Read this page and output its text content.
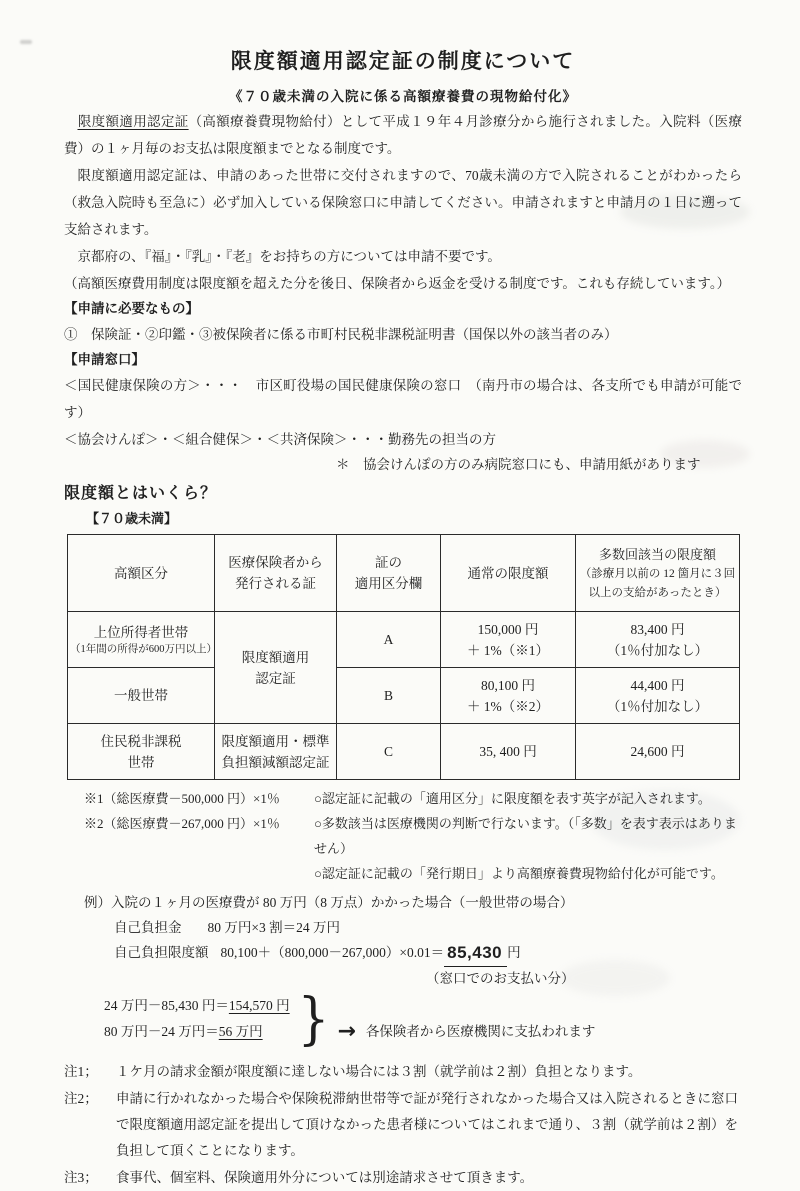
限度額適用認定証の制度について
《７０歳未満の入院に係る高額療養費の現物給付化》

限度額適用認定証（高額療養費現物給付）として平成１９年４月診療分から施行されました。入院料（医療費）の１ヶ月毎のお支払は限度額までとなる制度です。

限度額適用認定証は、申請のあった世帯に交付されますので、70歳未満の方で入院されることがわかったら（救急入院時も至急に）必ず加入している保険窓口に申請してください。申請されますと申請月の１日に遡って支給されます。

京都府の、『福』・『乳』・『老』をお持ちの方については申請不要です。

（高額医療費用制度は限度額を超えた分を後日、保険者から返金を受ける制度です。これも存続しています。）

【申請に必要なもの】

①　保険証・②印鑑・③被保険者に係る市町村民税非課税証明書（国保以外の該当者のみ）

【申請窓口】

＜国民健康保険の方＞・・・　市区町役場の国民健康保険の窓口　（南丹市の場合は、各支所でも申請が可能です）

＜協会けんぽ＞・＜組合健保＞・＜共済保険＞・・・勤務先の担当の方

＊　協会けんぽの方のみ病院窓口にも、申請用紙があります
限度額とはいくら？
【７０歳未満】
高額区分

医療保険者から
発行される証

証の
適用区分欄

通常の限度額

多数回該当の限度額
（診療月以前の 12 箇月に３回
以上の支給があったとき）

上位所得者世帯
（1年間の所得が600万円以上）	限度額適用
認定証
	A	
150,000 円
＋ 1%（※1）

83,400 円
（1％付加なし）

一般世帯	B	
80,100 円
＋ 1%（※2）

44,400 円
（1％付加なし）

住民税非課税
世帯

限度額適用・標準
負担額減額認定証
	C	35, 400 円	24,600 円
※1（総医療費－500,000 円）×1％	○認定証に記載の「適用区分」に限度額を表す英字が記入されます。
※2（総医療費－267,000 円）×1％	○多数該当は医療機関の判断で行ないます。（「多数」を表す表示はありません）
○認定証に記載の「発行期日」より高額療養費現物給付化が可能です。
例）入院の１ヶ月の医療費が 80 万円（8 万点）かかった場合（一般世帯の場合）
自己負担金 80 万円×3 割＝24 万円
自己負担限度額 80,100＋（800,000－267,000）×0.01＝ 85,430 円
（窓口でのお支払い分）
24 万円－85,430 円＝154,570 円
80 万円－24 万円＝56 万円 } → 各保険者から医療機関に支払われます
注1；	１ケ月の請求金額が限度額に達しない場合には３割（就学前は２割）負担となります。
注2；	申請に行かれなかった場合や保険税滞納世帯等で証が発行されなかった場合又は入院されるときに窓口で限度額適用認定証を提出して頂けなかった患者様についてはこれまで通り、３割（就学前は２割）を負担して頂くことになります。
注3；	食事代、個室料、保険適用外分については別途請求させて頂きます。
